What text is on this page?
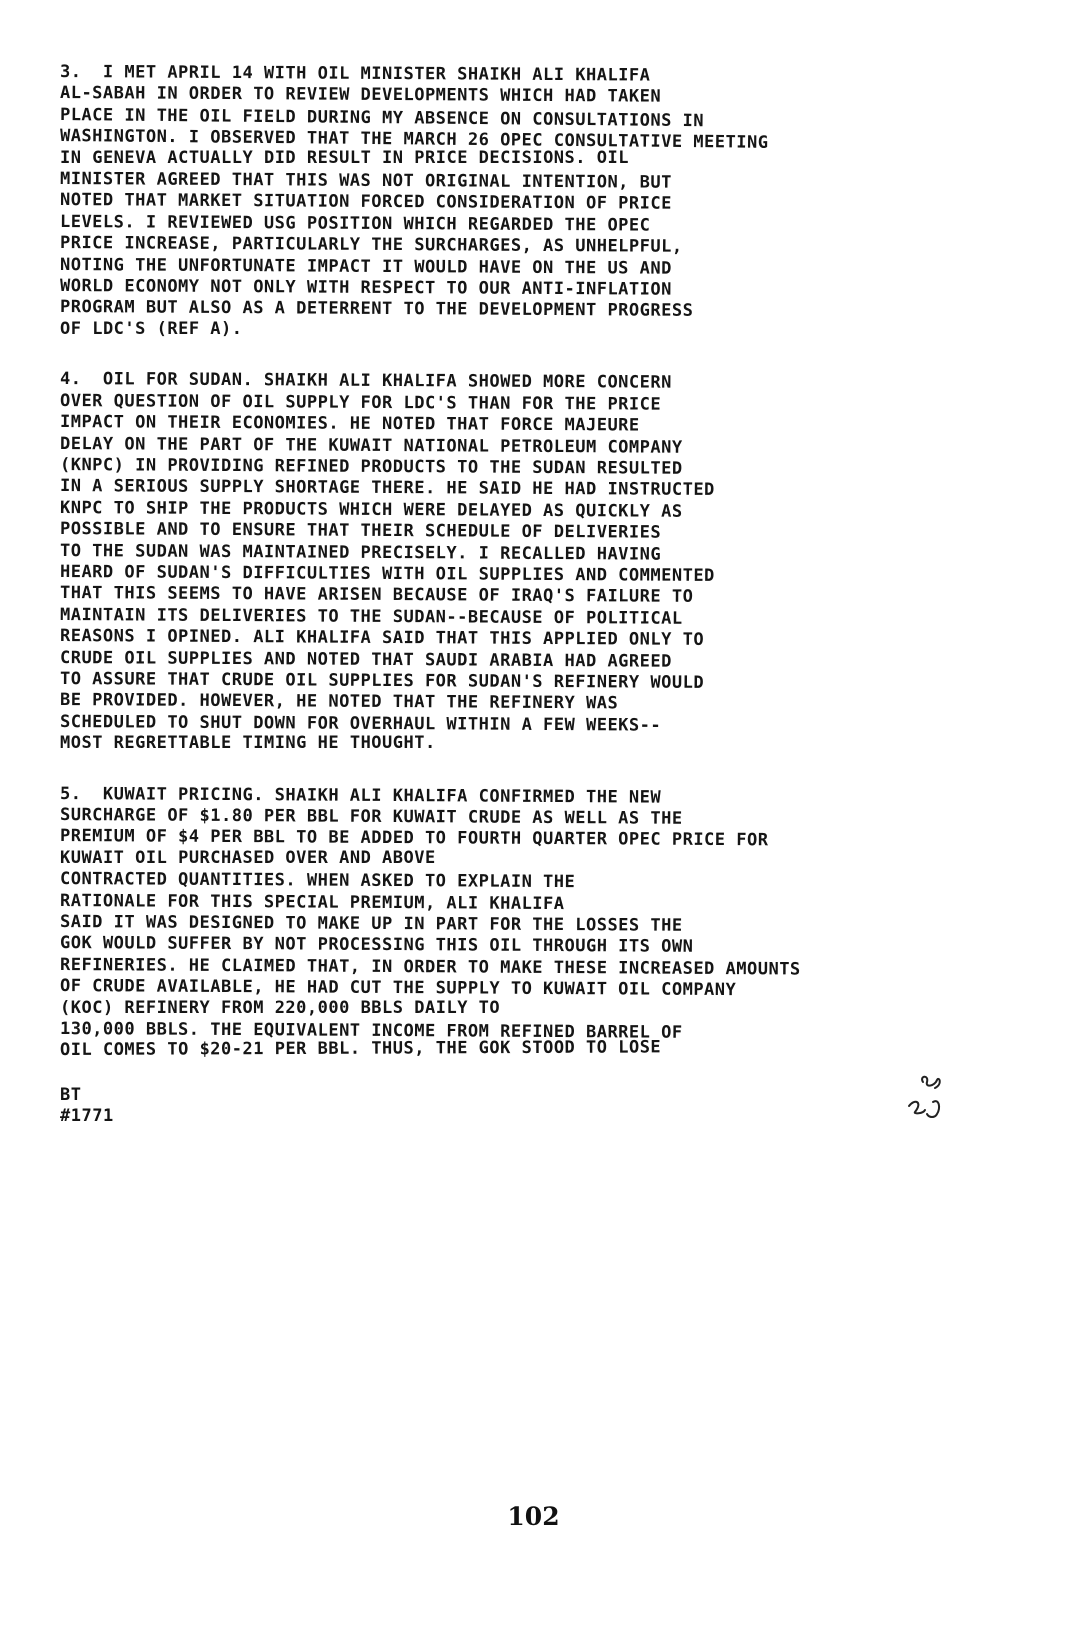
3.  I MET APRIL 14 WITH OIL MINISTER SHAIKH ALI KHALIFA
AL-SABAH IN ORDER TO REVIEW DEVELOPMENTS WHICH HAD TAKEN
PLACE IN THE OIL FIELD DURING MY ABSENCE ON CONSULTATIONS IN
WASHINGTON. I OBSERVED THAT THE MARCH 26 OPEC CONSULTATIVE MEETING
IN GENEVA ACTUALLY DID RESULT IN PRICE DECISIONS. OIL
MINISTER AGREED THAT THIS WAS NOT ORIGINAL INTENTION, BUT
NOTED THAT MARKET SITUATION FORCED CONSIDERATION OF PRICE
LEVELS. I REVIEWED USG POSITION WHICH REGARDED THE OPEC
PRICE INCREASE, PARTICULARLY THE SURCHARGES, AS UNHELPFUL,
NOTING THE UNFORTUNATE IMPACT IT WOULD HAVE ON THE US AND
WORLD ECONOMY NOT ONLY WITH RESPECT TO OUR ANTI-INFLATION
PROGRAM BUT ALSO AS A DETERRENT TO THE DEVELOPMENT PROGRESS
OF LDC'S (REF A).
4.  OIL FOR SUDAN. SHAIKH ALI KHALIFA SHOWED MORE CONCERN
OVER QUESTION OF OIL SUPPLY FOR LDC'S THAN FOR THE PRICE
IMPACT ON THEIR ECONOMIES. HE NOTED THAT FORCE MAJEURE
DELAY ON THE PART OF THE KUWAIT NATIONAL PETROLEUM COMPANY
(KNPC) IN PROVIDING REFINED PRODUCTS TO THE SUDAN RESULTED
IN A SERIOUS SUPPLY SHORTAGE THERE. HE SAID HE HAD INSTRUCTED
KNPC TO SHIP THE PRODUCTS WHICH WERE DELAYED AS QUICKLY AS
POSSIBLE AND TO ENSURE THAT THEIR SCHEDULE OF DELIVERIES
TO THE SUDAN WAS MAINTAINED PRECISELY. I RECALLED HAVING
HEARD OF SUDAN'S DIFFICULTIES WITH OIL SUPPLIES AND COMMENTED
THAT THIS SEEMS TO HAVE ARISEN BECAUSE OF IRAQ'S FAILURE TO
MAINTAIN ITS DELIVERIES TO THE SUDAN--BECAUSE OF POLITICAL
REASONS I OPINED. ALI KHALIFA SAID THAT THIS APPLIED ONLY TO
CRUDE OIL SUPPLIES AND NOTED THAT SAUDI ARABIA HAD AGREED
TO ASSURE THAT CRUDE OIL SUPPLIES FOR SUDAN'S REFINERY WOULD
BE PROVIDED. HOWEVER, HE NOTED THAT THE REFINERY WAS
SCHEDULED TO SHUT DOWN FOR OVERHAUL WITHIN A FEW WEEKS--
MOST REGRETTABLE TIMING HE THOUGHT.
5.  KUWAIT PRICING. SHAIKH ALI KHALIFA CONFIRMED THE NEW
SURCHARGE OF $1.80 PER BBL FOR KUWAIT CRUDE AS WELL AS THE
PREMIUM OF $4 PER BBL TO BE ADDED TO FOURTH QUARTER OPEC PRICE FOR
KUWAIT OIL PURCHASED OVER AND ABOVE
CONTRACTED QUANTITIES. WHEN ASKED TO EXPLAIN THE
RATIONALE FOR THIS SPECIAL PREMIUM, ALI KHALIFA
SAID IT WAS DESIGNED TO MAKE UP IN PART FOR THE LOSSES THE
GOK WOULD SUFFER BY NOT PROCESSING THIS OIL THROUGH ITS OWN
REFINERIES. HE CLAIMED THAT, IN ORDER TO MAKE THESE INCREASED AMOUNTS
OF CRUDE AVAILABLE, HE HAD CUT THE SUPPLY TO KUWAIT OIL COMPANY
(KOC) REFINERY FROM 220,000 BBLS DAILY TO
130,000 BBLS. THE EQUIVALENT INCOME FROM REFINED BARREL OF
OIL COMES TO $20-21 PER BBL. THUS, THE GOK STOOD TO LOSE
BT
#1771
102
